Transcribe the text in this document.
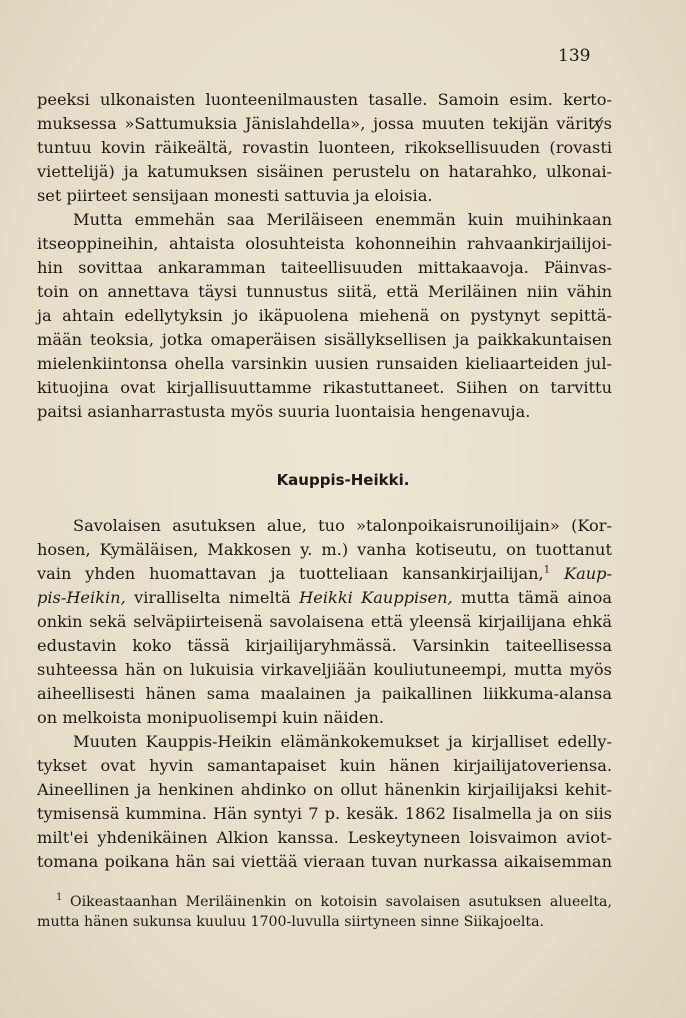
139
peeksi ulkonaisten luonteenilmausten tasalle. Samoin esim. kerto-
muksessa »Sattumuksia Jänislahdella», jossa muuten tekijän värity̸s
tuntuu kovin räikeältä, rovastin luonteen, rikoksellisuuden (rovasti
viettelijä) ja katumuksen sisäinen perustelu on hatarahko, ulkonai-
set piirteet sensijaan monesti sattuvia ja eloisia.
Mutta emmehän saa Meriläiseen enemmän kuin muihinkaan
itseoppineihin, ahtaista olosuhteista kohonneihin rahvaankirjailijoi-
hin sovittaa ankaramman taiteellisuuden mittakaavoja. Päinvas-
toin on annettava täysi tunnustus siitä, että Meriläinen niin vähin
ja ahtain edellytyksin jo ikäpuolena miehenä on pystynyt sepittä-
mään teoksia, jotka omaperäisen sisällyksellisen ja paikkakuntaisen
mielenkiintonsa ohella varsinkin uusien runsaiden kieliaarteiden jul-
kituojina ovat kirjallisuuttamme rikastuttaneet. Siihen on tarvittu
paitsi asianharrastusta myös suuria luontaisia hengenavuja.
Kauppis-Heikki.
Savolaisen asutuksen alue, tuo »talonpoikaisrunoilijain» (Kor-
hosen, Kymäläisen, Makkosen y. m.) vanha kotiseutu, on tuottanut
vain yhden huomattavan ja tuotteliaan kansankirjailijan,$^1$ Kaup-
pis-Heikin, viralliselta nimeltä Heikki Kauppisen, mutta tämä ainoa
onkin sekä selväpiirteisenä savolaisena että yleensä kirjailijana ehkä
edustavin koko tässä kirjailijaryhmässä. Varsinkin taiteellisessa
suhteessa hän on lukuisia virkaveljiään kouliutuneempi, mutta myös
aiheellisesti hänen sama maalainen ja paikallinen liikkuma-alansa
on melkoista monipuolisempi kuin näiden.
Muuten Kauppis-Heikin elämänkokemukset ja kirjalliset edelly-
tykset ovat hyvin samantapaiset kuin hänen kirjailijatoveriensa.
Aineellinen ja henkinen ahdinko on ollut hänenkin kirjailijaksi kehit-
tymisensä kummina. Hän syntyi 7 p. kesäk. 1862 Iisalmella ja on siis
milt'ei yhdenikäinen Alkion kanssa. Leskeytyneen loisvaimon aviot-
tomana poikana hän sai viettää vieraan tuvan nurkassa aikaisemman
1 Oikeastaanhan Meriläinenkin on kotoisin savolaisen asutuksen alueelta,
mutta hänen sukunsa kuuluu 1700-luvulla siirtyneen sinne Siikajoelta.
